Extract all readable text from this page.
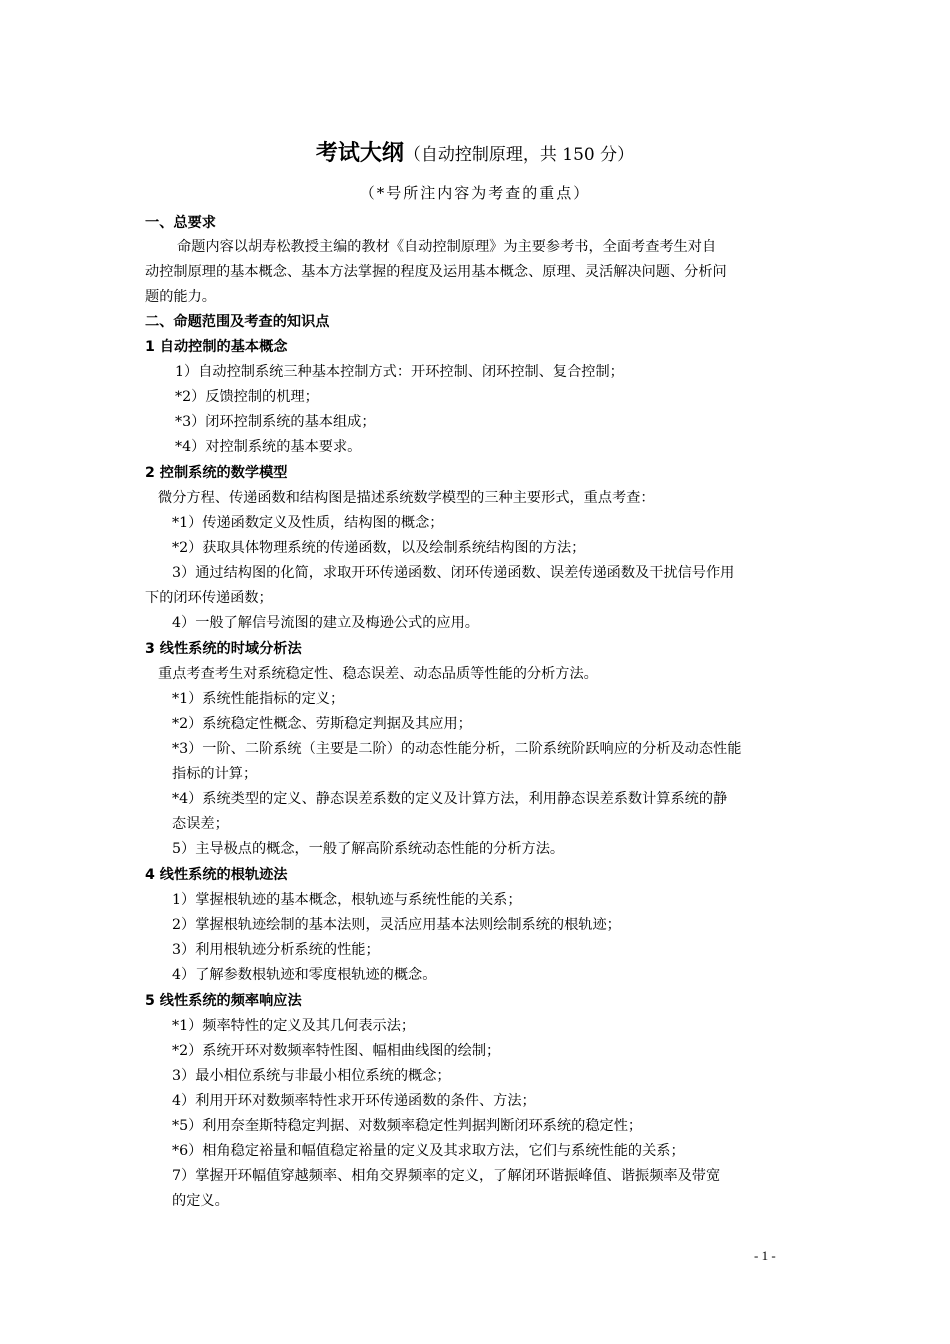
考试大纲（自动控制原理，共 150 分）
（*号所注内容为考查的重点）
一、总要求
命题内容以胡寿松教授主编的教材《自动控制原理》为主要参考书，全面考查考生对自
动控制原理的基本概念、基本方法掌握的程度及运用基本概念、原理、灵活解决问题、分析问
题的能力。
二、命题范围及考查的知识点
1 自动控制的基本概念
1）自动控制系统三种基本控制方式：开环控制、闭环控制、复合控制；
*2）反馈控制的机理；
*3）闭环控制系统的基本组成；
*4）对控制系统的基本要求。
2 控制系统的数学模型
微分方程、传递函数和结构图是描述系统数学模型的三种主要形式，重点考查：
*1）传递函数定义及性质，结构图的概念；
*2）获取具体物理系统的传递函数，以及绘制系统结构图的方法；
3）通过结构图的化简，求取开环传递函数、闭环传递函数、误差传递函数及干扰信号作用
下的闭环传递函数；
4）一般了解信号流图的建立及梅逊公式的应用。
3 线性系统的时域分析法
重点考查考生对系统稳定性、稳态误差、动态品质等性能的分析方法。
*1）系统性能指标的定义；
*2）系统稳定性概念、劳斯稳定判据及其应用；
*3）一阶、二阶系统（主要是二阶）的动态性能分析，二阶系统阶跃响应的分析及动态性能
指标的计算；
*4）系统类型的定义、静态误差系数的定义及计算方法，利用静态误差系数计算系统的静
态误差；
5）主导极点的概念，一般了解高阶系统动态性能的分析方法。
4 线性系统的根轨迹法
1）掌握根轨迹的基本概念，根轨迹与系统性能的关系；
2）掌握根轨迹绘制的基本法则，灵活应用基本法则绘制系统的根轨迹；
3）利用根轨迹分析系统的性能；
4）了解参数根轨迹和零度根轨迹的概念。
5 线性系统的频率响应法
*1）频率特性的定义及其几何表示法；
*2）系统开环对数频率特性图、幅相曲线图的绘制；
3）最小相位系统与非最小相位系统的概念；
4）利用开环对数频率特性求开环传递函数的条件、方法；
*5）利用奈奎斯特稳定判据、对数频率稳定性判据判断闭环系统的稳定性；
*6）相角稳定裕量和幅值稳定裕量的定义及其求取方法，它们与系统性能的关系；
7）掌握开环幅值穿越频率、相角交界频率的定义，了解闭环谐振峰值、谐振频率及带宽
的定义。
- 1 -
